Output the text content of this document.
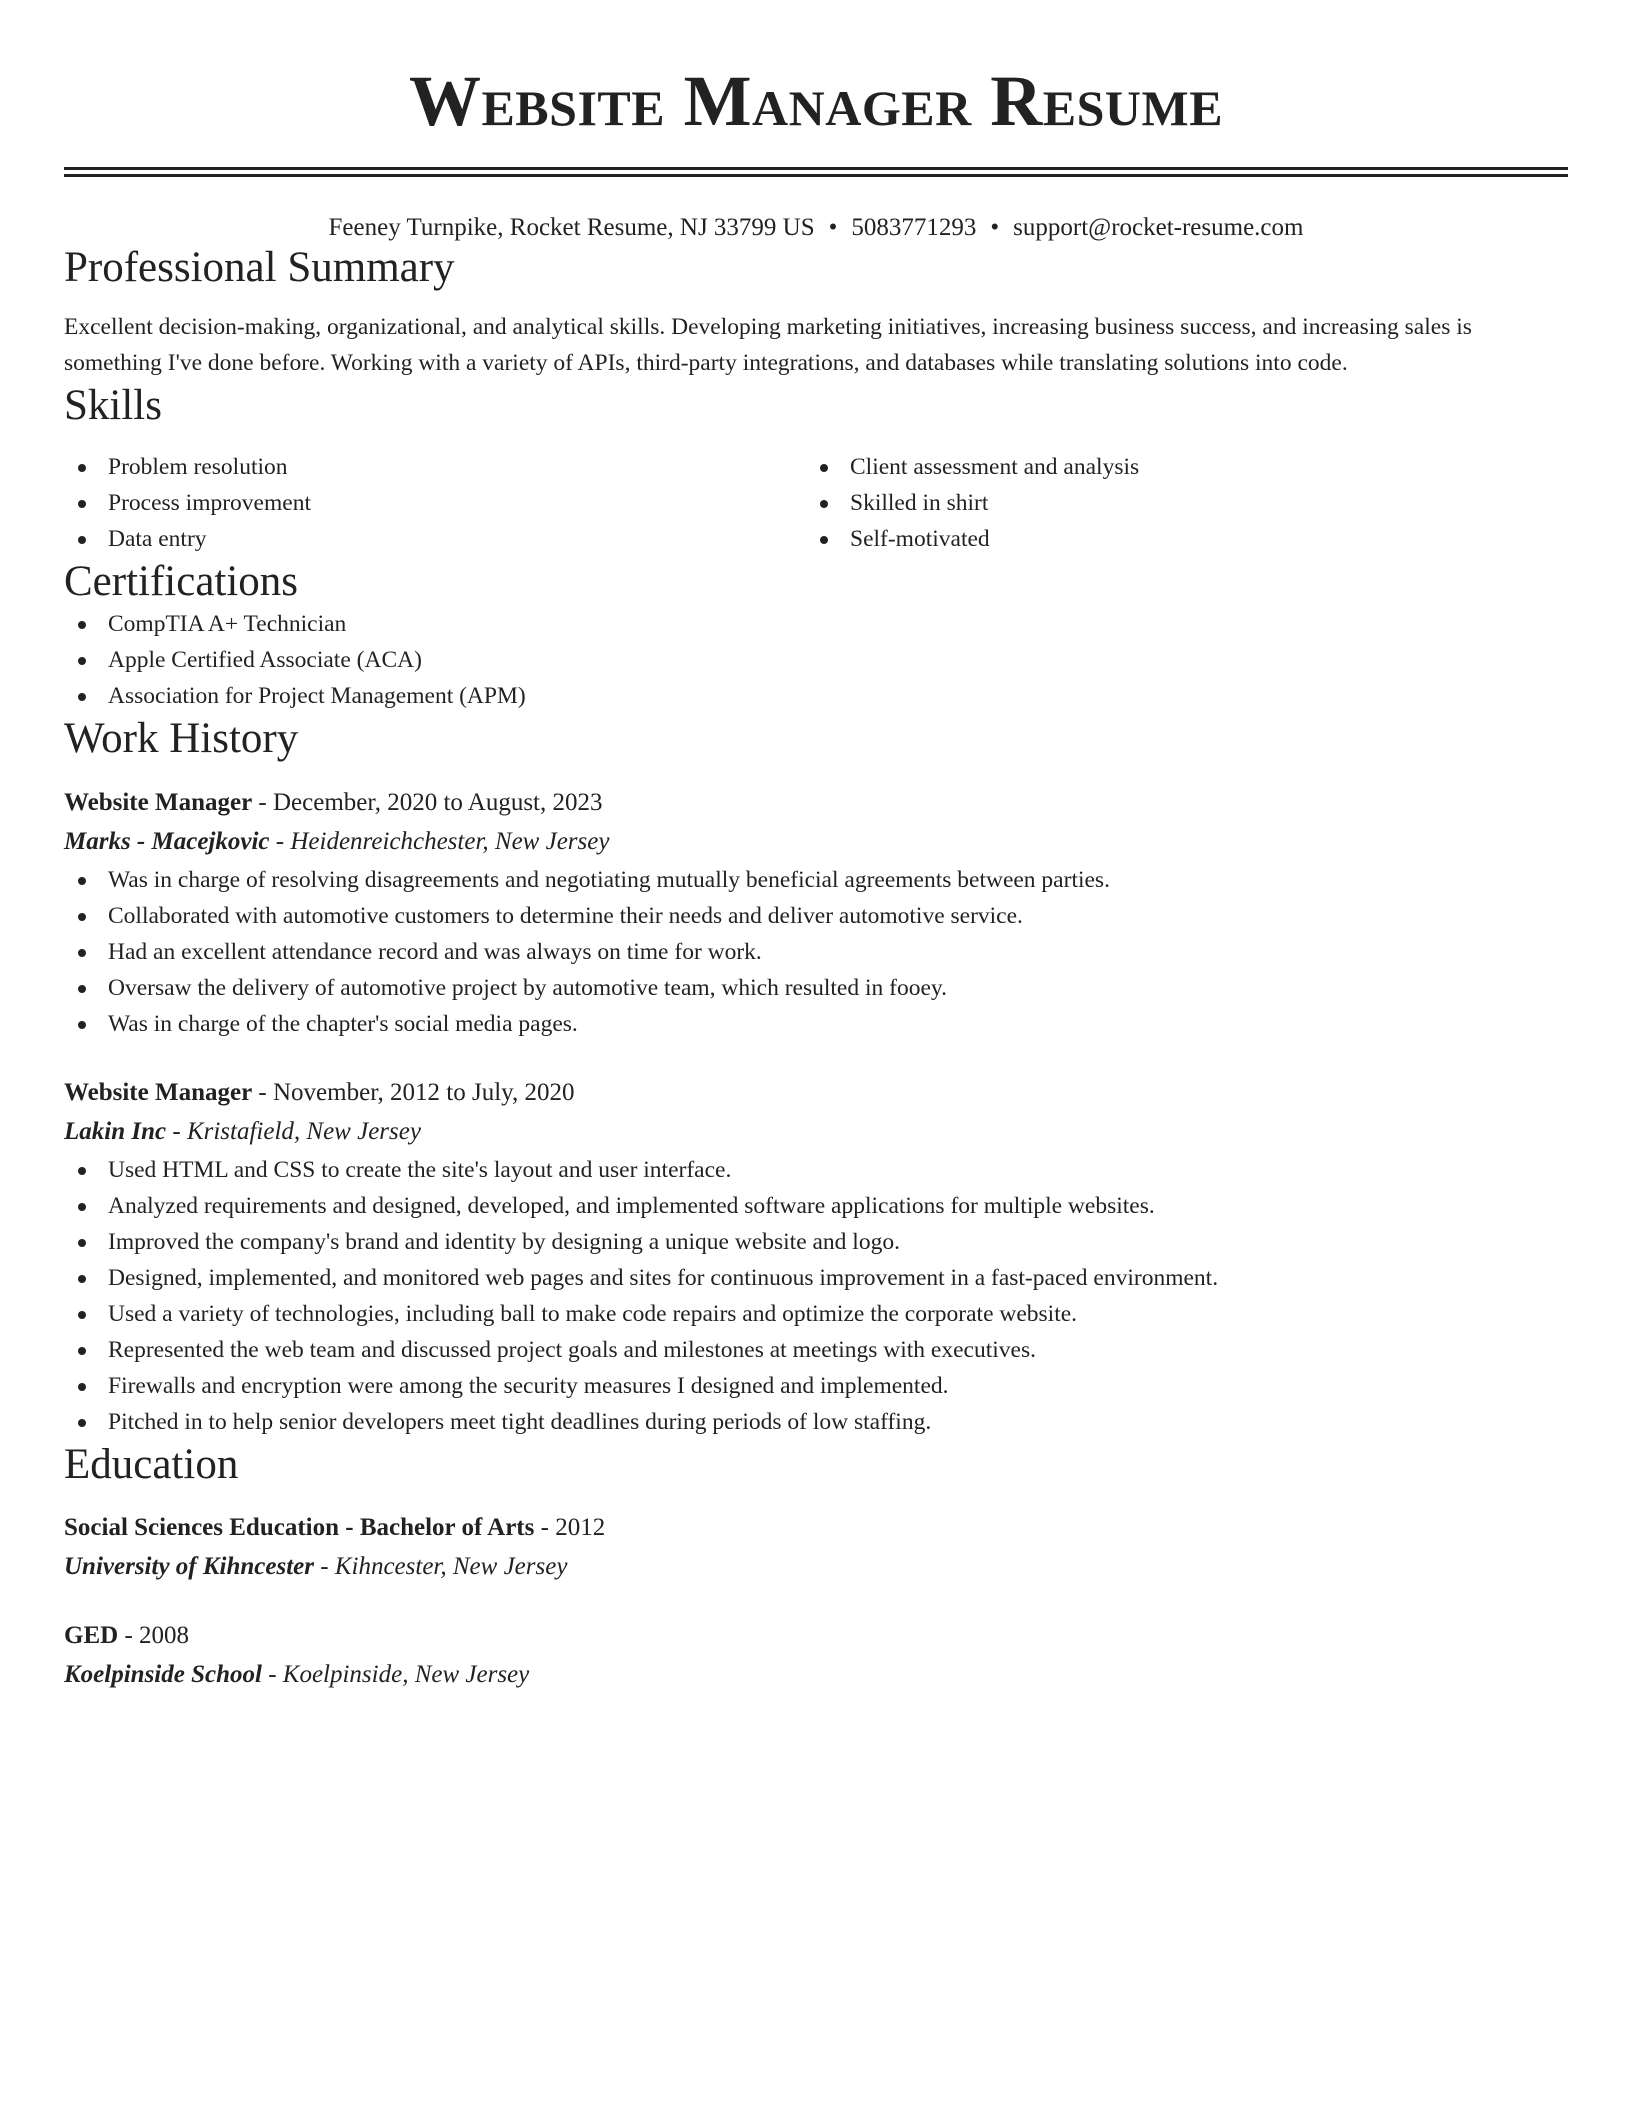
Website Manager Resume
Feeney Turnpike, Rocket Resume, NJ 33799 US • 5083771293 • support@rocket-resume.com
Professional Summary

Excellent decision-making, organizational, and analytical skills. Developing marketing initiatives, increasing business success, and increasing sales is something I've done before. Working with a variety of APIs, third-party integrations, and databases while translating solutions into code.

Skills
Problem resolution
Process improvement
Data entry
Client assessment and analysis
Skilled in shirt
Self-motivated
Certifications
CompTIA A+ Technician
Apple Certified Associate (ACA)
Association for Project Management (APM)
Work History
Website Manager - December, 2020 to August, 2023
Marks - Macejkovic - Heidenreichchester, New Jersey
Was in charge of resolving disagreements and negotiating mutually beneficial agreements between parties.
Collaborated with automotive customers to determine their needs and deliver automotive service.
Had an excellent attendance record and was always on time for work.
Oversaw the delivery of automotive project by automotive team, which resulted in fooey.
Was in charge of the chapter's social media pages.
Website Manager - November, 2012 to July, 2020
Lakin Inc - Kristafield, New Jersey
Used HTML and CSS to create the site's layout and user interface.
Analyzed requirements and designed, developed, and implemented software applications for multiple websites.
Improved the company's brand and identity by designing a unique website and logo.
Designed, implemented, and monitored web pages and sites for continuous improvement in a fast-paced environment.
Used a variety of technologies, including ball to make code repairs and optimize the corporate website.
Represented the web team and discussed project goals and milestones at meetings with executives.
Firewalls and encryption were among the security measures I designed and implemented.
Pitched in to help senior developers meet tight deadlines during periods of low staffing.
Education
Social Sciences Education - Bachelor of Arts - 2012
University of Kihncester - Kihncester, New Jersey
GED - 2008
Koelpinside School - Koelpinside, New Jersey
